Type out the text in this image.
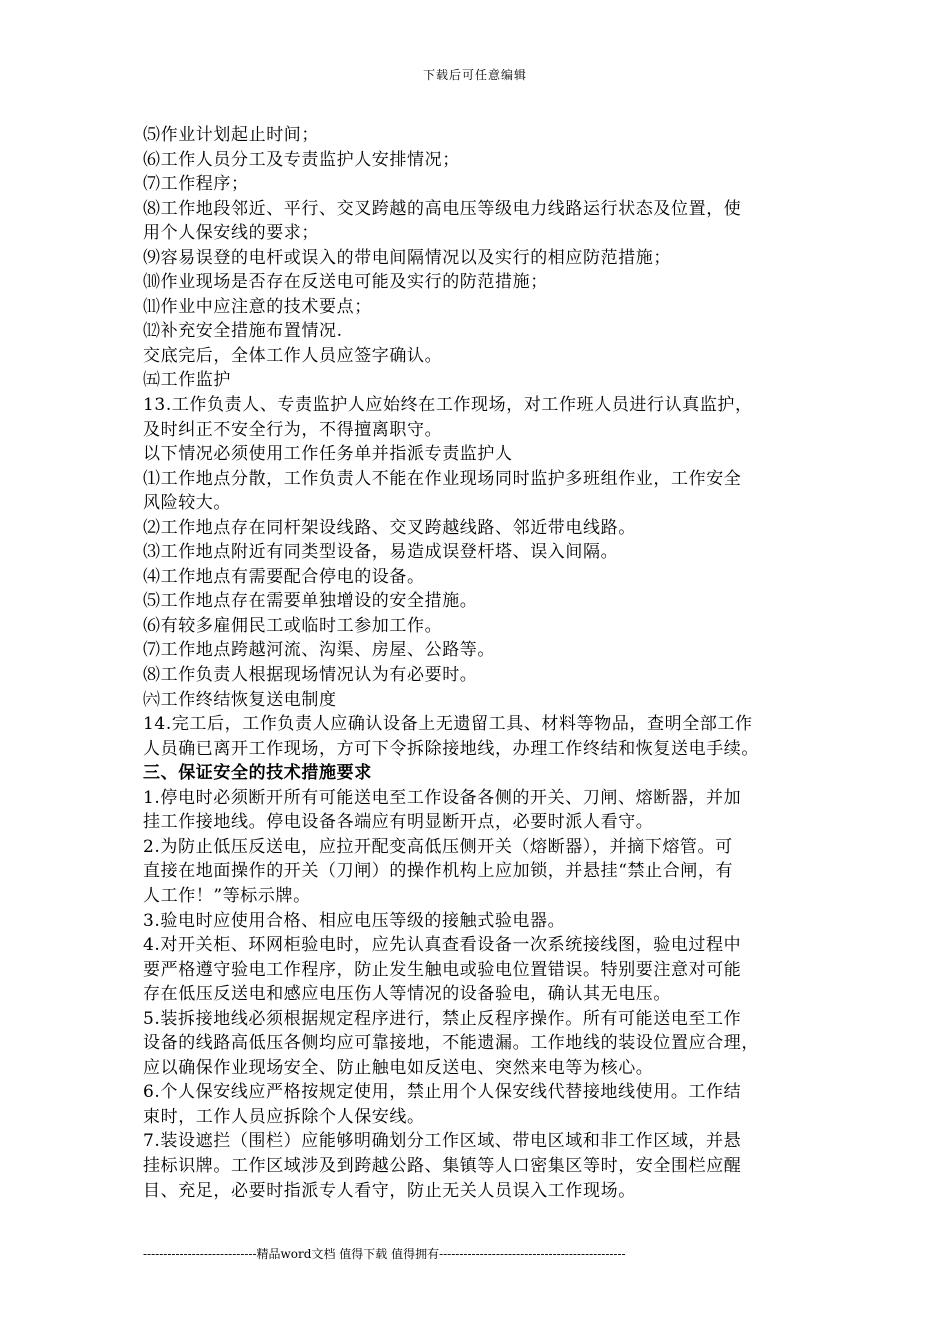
下载后可任意编辑
⑸作业计划起止时间；
⑹工作人员分工及专责监护人安排情况；
⑺工作程序；
⑻工作地段邻近、平行、交叉跨越的高电压等级电力线路运行状态及位置，使
用个人保安线的要求；
⑼容易误登的电杆或误入的带电间隔情况以及实行的相应防范措施；
⑽作业现场是否存在反送电可能及实行的防范措施；
⑾作业中应注意的技术要点；
⑿补充安全措施布置情况.
交底完后，全体工作人员应签字确认。
㈤工作监护
13.工作负责人、专责监护人应始终在工作现场，对工作班人员进行认真监护，
及时纠正不安全行为，不得擅离职守。
以下情况必须使用工作任务单并指派专责监护人
⑴工作地点分散，工作负责人不能在作业现场同时监护多班组作业，工作安全
风险较大。
⑵工作地点存在同杆架设线路、交叉跨越线路、邻近带电线路。
⑶工作地点附近有同类型设备，易造成误登杆塔、误入间隔。
⑷工作地点有需要配合停电的设备。
⑸工作地点存在需要单独增设的安全措施。
⑹有较多雇佣民工或临时工参加工作。
⑺工作地点跨越河流、沟渠、房屋、公路等。
⑻工作负责人根据现场情况认为有必要时。
㈥工作终结恢复送电制度
14.完工后，工作负责人应确认设备上无遗留工具、材料等物品，查明全部工作
人员确已离开工作现场，方可下令拆除接地线，办理工作终结和恢复送电手续。
三、保证安全的技术措施要求
1.停电时必须断开所有可能送电至工作设备各侧的开关、刀闸、熔断器，并加
挂工作接地线。停电设备各端应有明显断开点，必要时派人看守。
2.为防止低压反送电，应拉开配变高低压侧开关（熔断器），并摘下熔管。可
直接在地面操作的开关（刀闸）的操作机构上应加锁，并悬挂“禁止合闸，有
人工作！”等标示牌。
3.验电时应使用合格、相应电压等级的接触式验电器。
4.对开关柜、环网柜验电时，应先认真查看设备一次系统接线图，验电过程中
要严格遵守验电工作程序，防止发生触电或验电位置错误。特别要注意对可能
存在低压反送电和感应电压伤人等情况的设备验电，确认其无电压。
5.装拆接地线必须根据规定程序进行，禁止反程序操作。所有可能送电至工作
设备的线路高低压各侧均应可靠接地，不能遗漏。工作地线的装设位置应合理，
应以确保作业现场安全、防止触电如反送电、突然来电等为核心。
6.个人保安线应严格按规定使用，禁止用个人保安线代替接地线使用。工作结
束时，工作人员应拆除个人保安线。
7.装设遮拦（围栏）应能够明确划分工作区域、带电区域和非工作区域，并悬
挂标识牌。工作区域涉及到跨越公路、集镇等人口密集区等时，安全围栏应醒
目、充足，必要时指派专人看守，防止无关人员误入工作现场。
----------------------------精品word文档 值得下载 值得拥有----------------------------------------------
